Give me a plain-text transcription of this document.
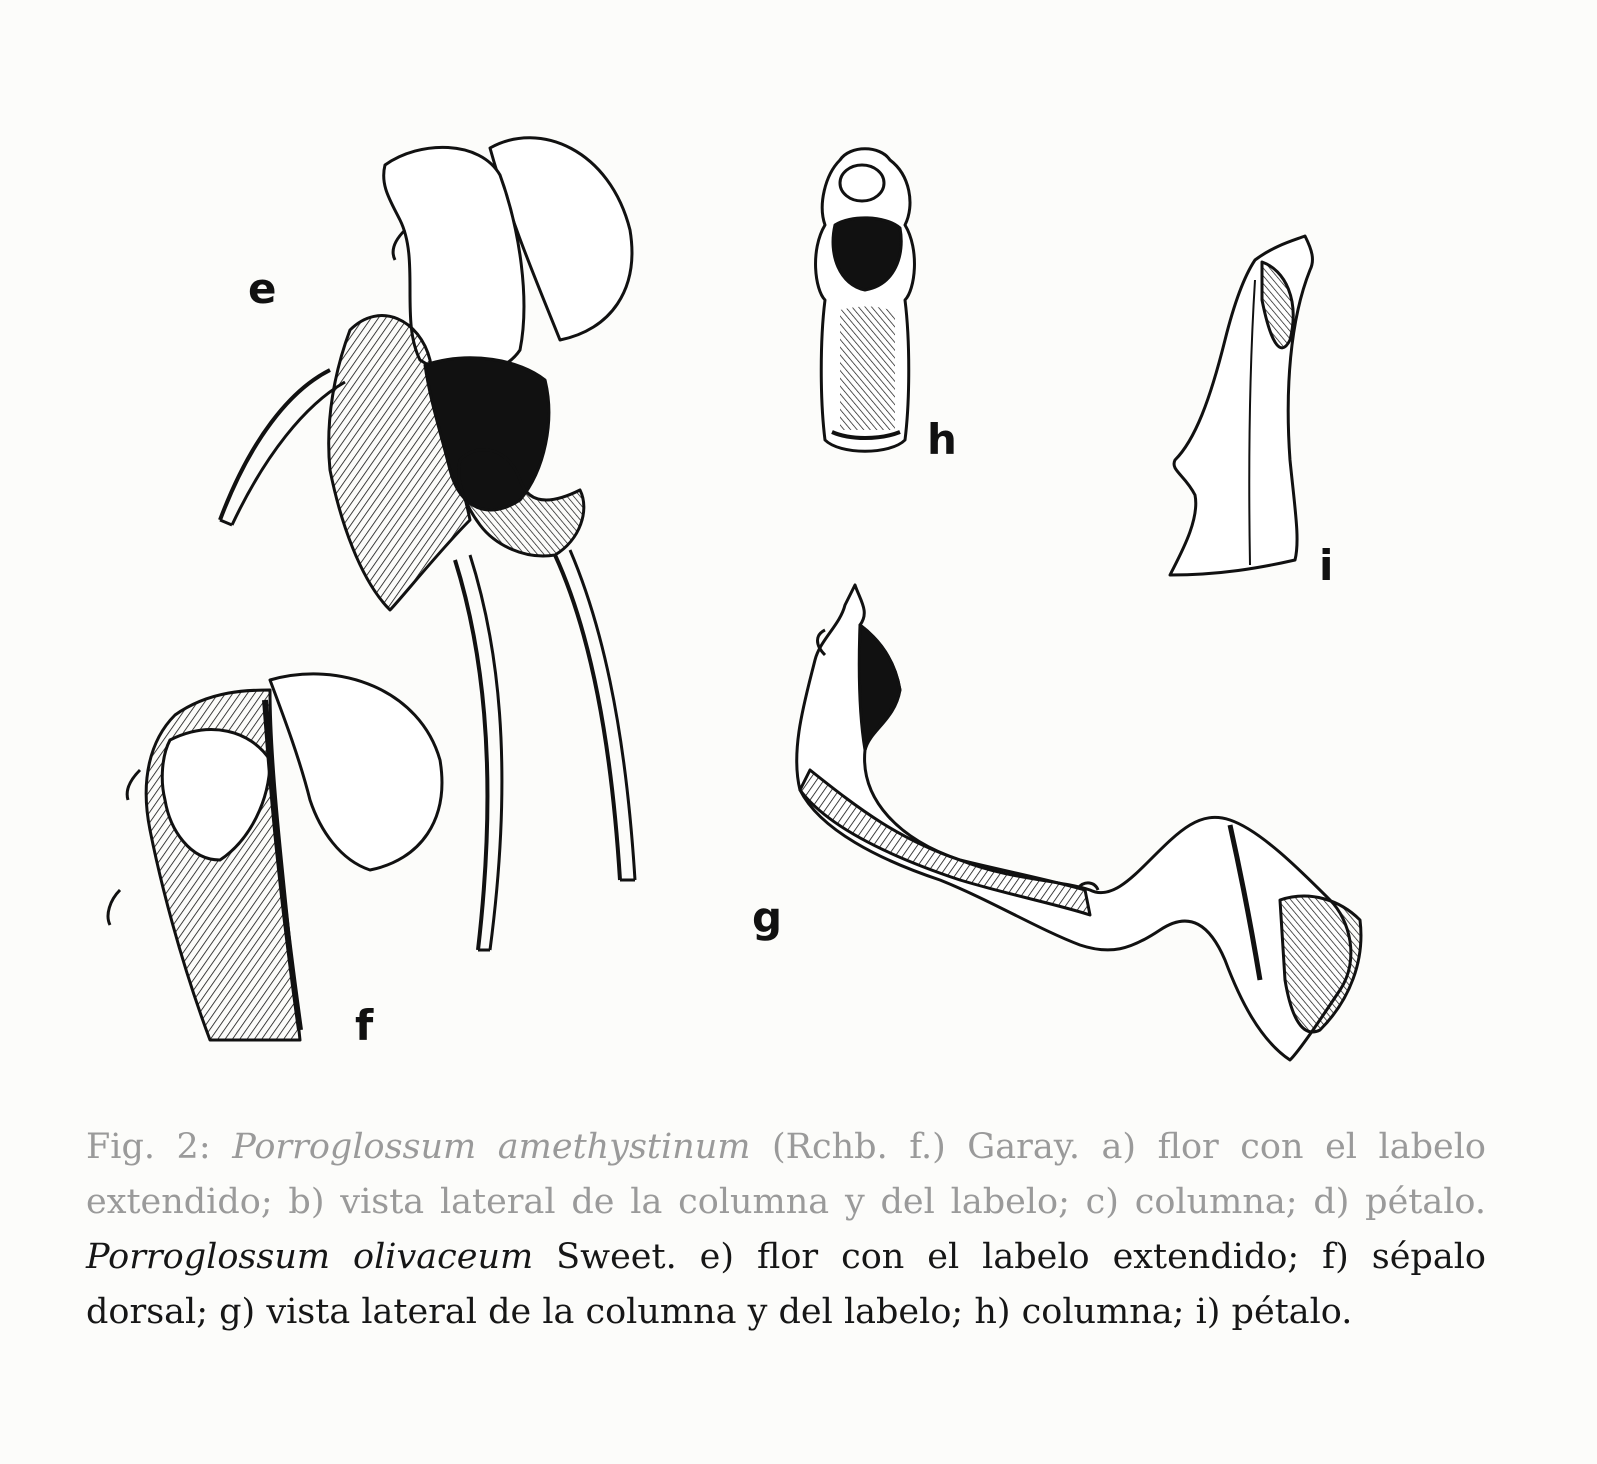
e
f
g
h
i

Fig. 2: Porroglossum amethystinum (Rchb. f.) Garay. a) flor con el labelo extendido; b) vista lateral de la columna y del labelo; c) columna; d) pétalo. Porroglossum olivaceum Sweet. e) flor con el labelo extendido; f) sépalo dorsal; g) vista lateral de la columna y del labelo; h) columna; i) pétalo.
